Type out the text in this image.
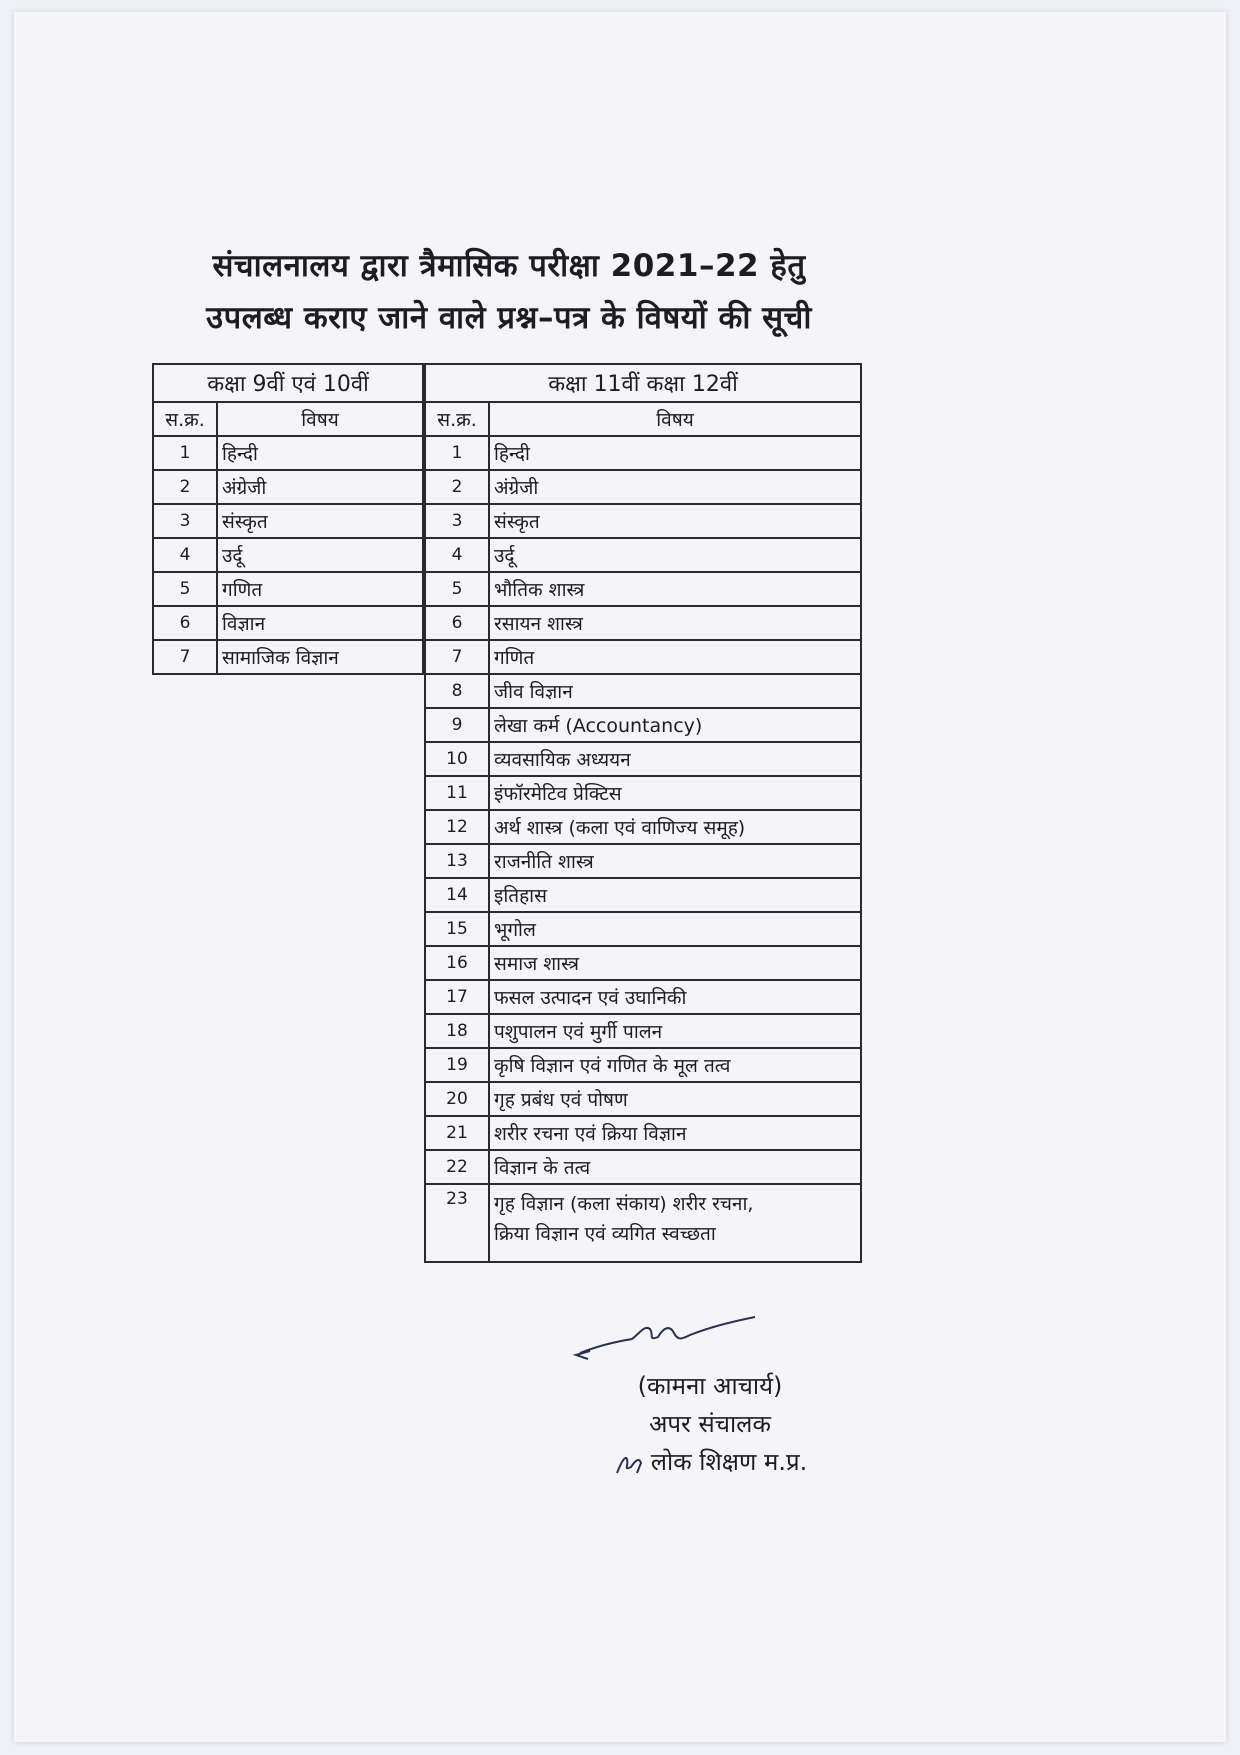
संचालनालय द्वारा त्रैमासिक परीक्षा 2021–22 हेतु
उपलब्ध कराए जाने वाले प्रश्न–पत्र के विषयों की सूची
कक्षा 9वीं एवं 10वीं	
स.क्र.	विषय
1	हिन्दी
2	अंग्रेजी
3	संस्कृत
4	उर्दू
5	गणित
6	विज्ञान
7	सामाजिक विज्ञान
कक्षा 11वीं कक्षा 12वीं	
स.क्र.	विषय
1	हिन्दी
2	अंग्रेजी
3	संस्कृत
4	उर्दू
5	भौतिक शास्त्र
6	रसायन शास्त्र
7	गणित
8	जीव विज्ञान
9	लेखा कर्म (Accountancy)
10	व्यवसायिक अध्ययन
11	इंफॉरमेटिव प्रेक्टिस
12	अर्थ शास्त्र (कला एवं वाणिज्य समूह)
13	राजनीति शास्त्र
14	इतिहास
15	भूगोल
16	समाज शास्त्र
17	फसल उत्पादन एवं उघानिकी
18	पशुपालन एवं मुर्गी पालन
19	कृषि विज्ञान एवं गणित के मूल तत्व
20	गृह प्रबंध एवं पोषण
21	शरीर रचना एवं क्रिया विज्ञान
22	विज्ञान के तत्व
23	गृह विज्ञान (कला संकाय) शरीर रचना,
क्रिया विज्ञान एवं व्यगित स्वच्छता
(कामना आचार्य)
अपर संचालक
लोक शिक्षण म.प्र.
